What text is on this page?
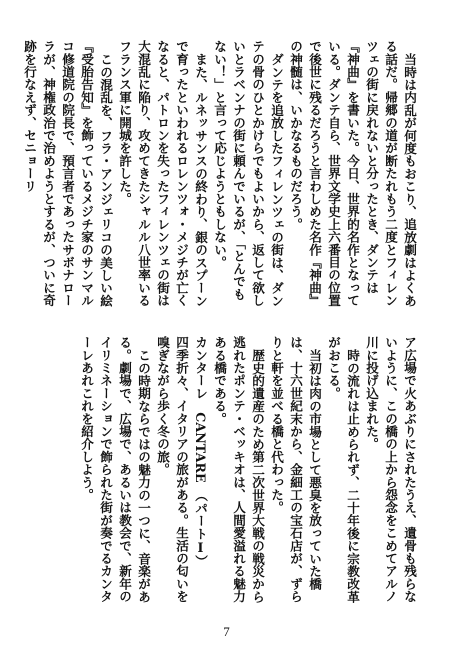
当時は内乱が何度もおこり、追放劇はよくある話だ。帰郷の道が断たれもう二度とフィレンツェの街に戻れないと分ったとき、ダンテは『神曲』を書いた。今日、世界的名作となっている。ダンテ自ら、世界文学史上六番目の位置で後世に残るだろうと言わしめた名作『神曲』の神髄は、いかなるものだろう。

ダンテを追放したフィレンツェの街は、ダンテの骨のひとかけらでもよいから、返して欲しいとラベンナの街に頼んでいるが、「とんでもない！」と言って応じようともしない。

また、ルネッサンスの終わり、銀のスプーンで育ったといわれるロレンツォ・メジチが亡くなると、パトロンを失ったフィレンツェの街は大混乱に陥り、攻めてきたシャルル八世率いるフランス軍に開城を許した。

この混乱を、フラ・アンジェリコの美しい絵『受胎告知』を飾っているメジチ家のサンマルコ修道院の院長で、預言者であったサボナローラが、神権政治で治めようとするが、ついに奇跡を行なえず、セニョーリ

ア広場で火あぶりにされたうえ、遺骨も残らないように、この橋の上から怨念をこめてアルノ川に投げ込まれた。

時の流れは止められず、二十年後に宗教改革がおこる。

当初は肉の市場として悪臭を放っていた橋は、十六世紀末から、金細工の宝石店が、ずらりと軒を並べる橋と代わった。

歴史的遺産のため第二次世界大戦の戦災から逃れたポンテ・ベッキオは、人間愛溢れる魅力ある橋である。

カンターレ　CANTARE　（パートⅠ）

四季折々、イタリアの旅がある。生活の匂いを嗅ぎながら歩く冬の旅。

この時期ならではの魅力の一つに、音楽がある。劇場で、広場で、あるいは教会で、新年のイリミネーションで飾られた街が奏でるカンターレあれこれを紹介しよう。

7
